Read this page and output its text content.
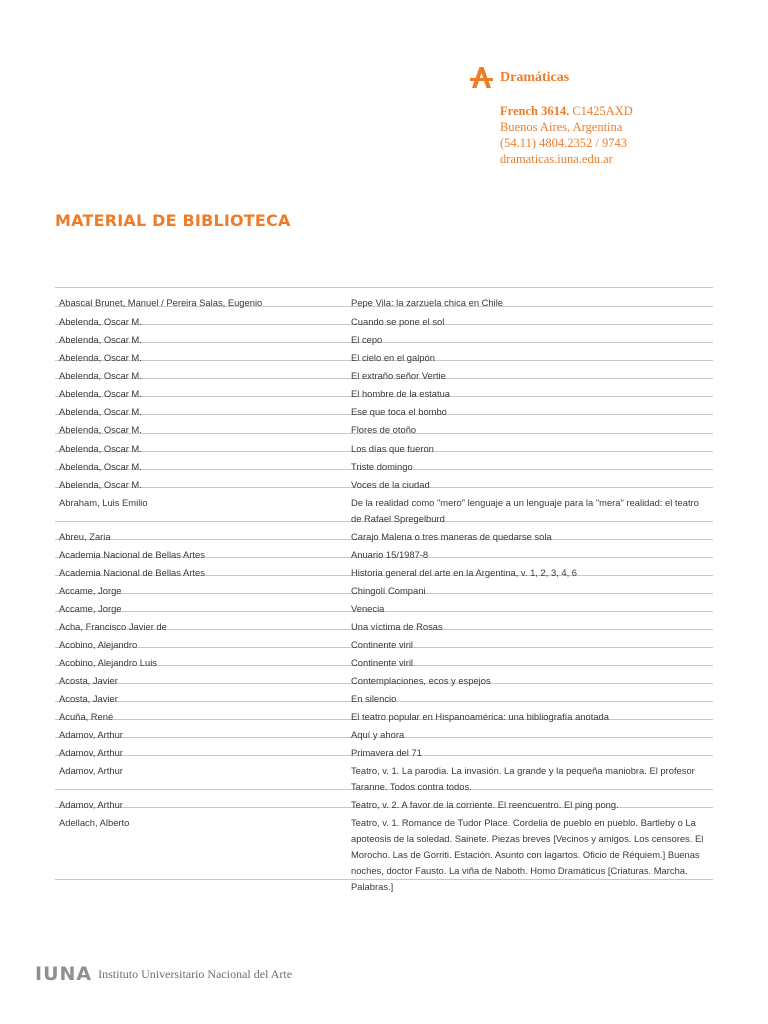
Dramáticas
French 3614. C1425AXD
Buenos Aires, Argentina
(54.11) 4804.2352 / 9743
dramaticas.iuna.edu.ar
MATERIAL DE BIBLIOTECA
Abascal Brunet, Manuel / Pereira Salas, Eugenio	Pepe Vila: la zarzuela chica en Chile
Abelenda, Oscar M.	Cuando se pone el sol
Abelenda, Oscar M.	El cepo
Abelenda, Oscar M.	El cielo en el galpón
Abelenda, Oscar M.	El extraño señor Vertie
Abelenda, Oscar M.	El hombre de la estatua
Abelenda, Oscar M.	Ese que toca el bombo
Abelenda, Oscar M.	Flores de otoño
Abelenda, Oscar M.	Los días que fueron
Abelenda, Oscar M.	Triste domingo
Abelenda, Oscar M.	Voces de la ciudad
Abraham, Luis Emilio	De la realidad como "mero" lenguaje a un lenguaje para la "mera" realidad: el teatro de Rafael Spregelburd
Abreu, Zaria	Carajo Malena o tres maneras de quedarse sola
Academia Nacional de Bellas Artes	Anuario 15/1987-8
Academia Nacional de Bellas Artes	Historia general del arte en la Argentina, v. 1, 2, 3, 4, 6
Accame, Jorge	Chingolí Compani
Accame, Jorge	Venecia
Acha, Francisco Javier de	Una víctima de Rosas
Acobino, Alejandro	Continente viril
Acobino, Alejandro Luis	Continente viril
Acosta, Javier	Contemplaciones, ecos y espejos
Acosta, Javier	En silencio
Acuña, René	El teatro popular en Hispanoamérica: una bibliografía anotada
Adamov, Arthur	Aquí y ahora
Adamov, Arthur	Primavera del 71
Adamov, Arthur	Teatro, v. 1. La parodia. La invasión. La grande y la pequeña maniobra. El profesor Taranne. Todos contra todos.
Adamov, Arthur	Teatro, v. 2. A favor de la corriente. El reencuentro. El ping pong.
Adellach, Alberto	Teatro, v. 1. Romance de Tudor Place. Cordelia de pueblo en pueblo. Bartleby o La apoteosis de la soledad. Sainete. Piezas breves [Vecinos y amigos. Los censores. El Morocho. Las de Gorriti. Estación. Asunto con lagartos. Oficio de Réquiem.] Buenas noches, doctor Fausto. La viña de Naboth. Homo Dramáticus [Criaturas. Marcha. Palabras.]
IUNA Instituto Universitario Nacional del Arte
